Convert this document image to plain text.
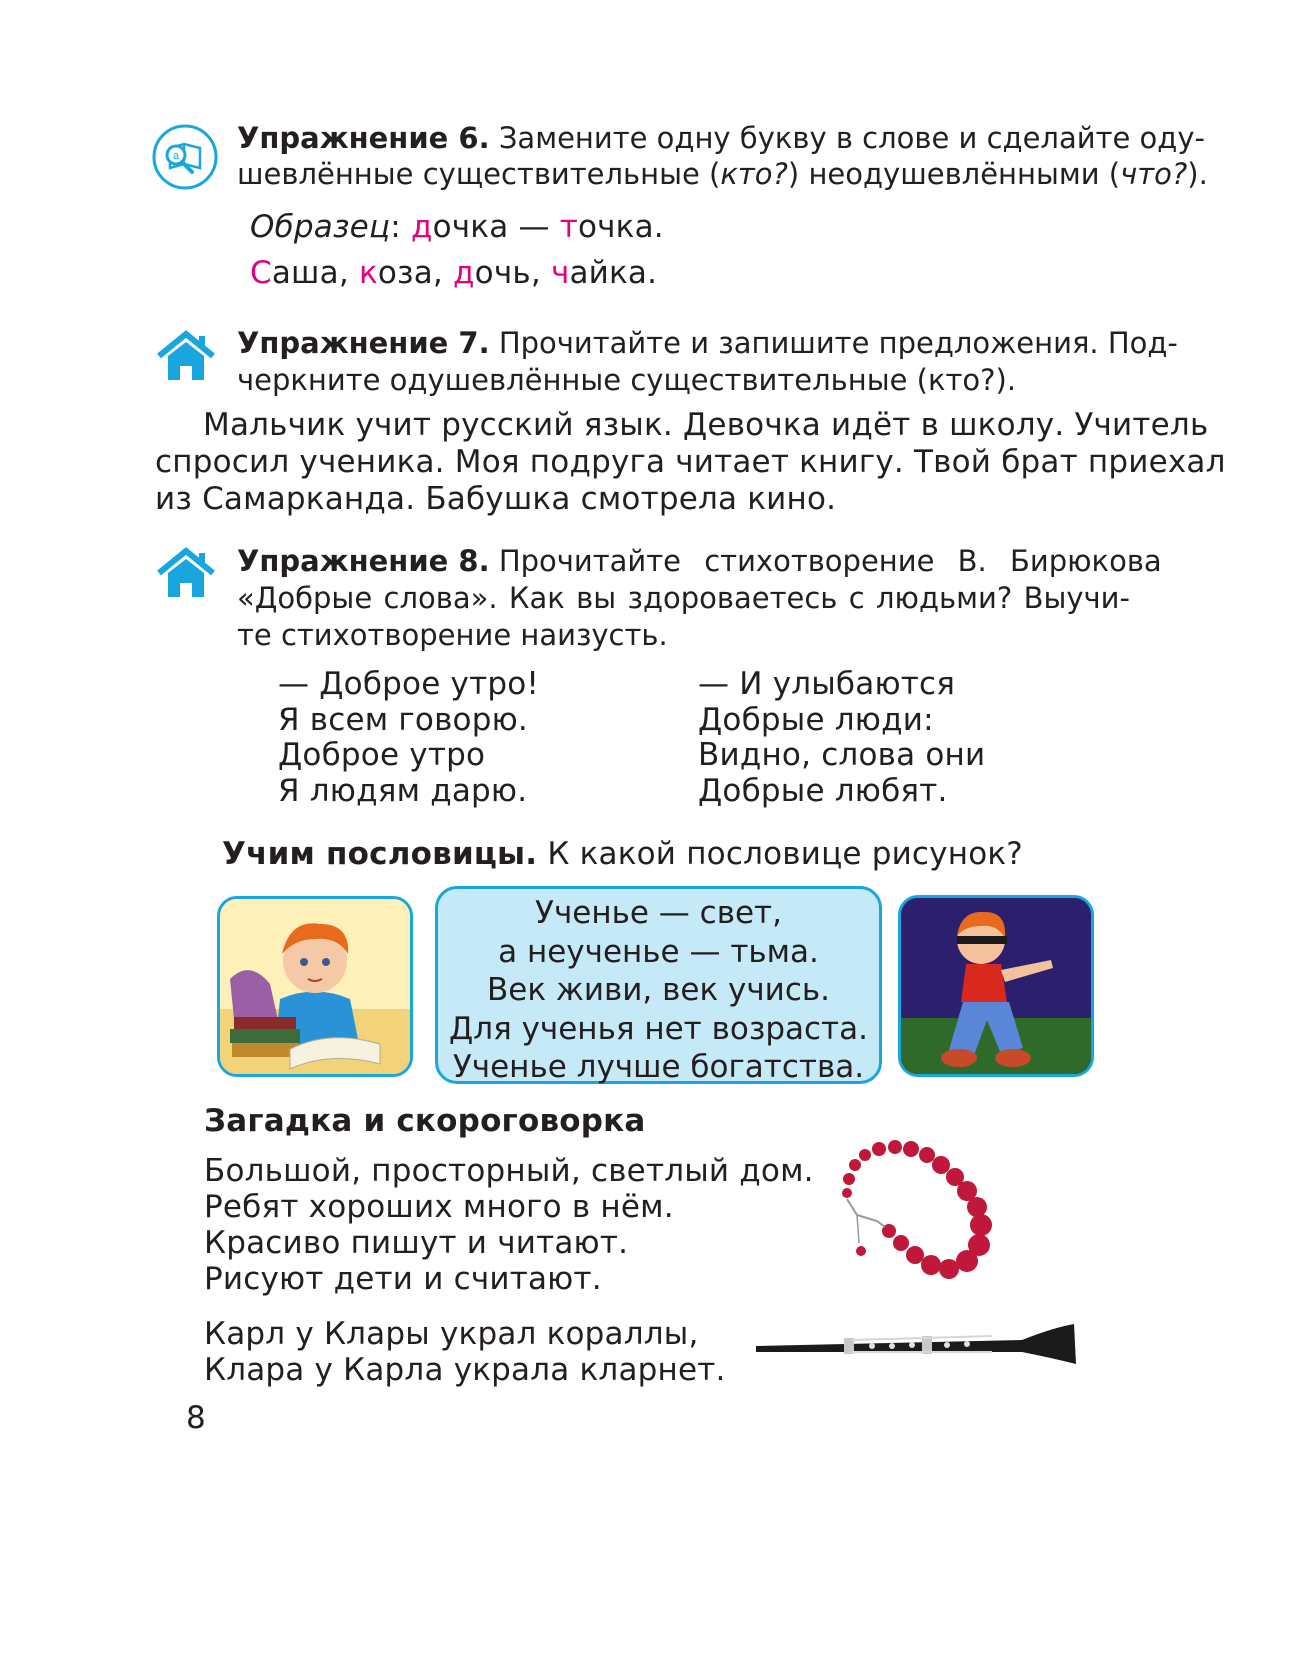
a
Упражнение 6. Замените одну букву в слове и сделайте оду-
шевлённые существительные (кто?) неодушевлёнными (что?).
Образец: дочка — точка.
Саша, коза, дочь, чайка.
Упражнение 7. Прочитайте и запишите предложения. Под-
черкните одушевлённые существительные (кто?).
Мальчик учит русский язык. Девочка идёт в школу. Учитель
спросил ученика. Моя подруга читает книгу. Твой брат приехал
из Самарканда. Бабушка смотрела кино.
Упражнение 8. Прочитайте стихотворение В. Бирюкова
«Добрые слова». Как вы здороваетесь с людьми? Выучи-
те стихотворение наизусть.
— Доброе утро!
Я всем говорю.
Доброе утро
Я людям дарю.
— И улыбаются
Добрые люди:
Видно, слова они
Добрые любят.
Учим пословицы. К какой пословице рисунок?
Ученье — свет,
а неученье — тьма.
Век живи, век учись.
Для ученья нет возраста.
Ученье лучше богатства.
Загадка и скороговорка
Большой, просторный, светлый дом.
Ребят хороших много в нём.
Красиво пишут и читают.
Рисуют дети и считают.
Карл у Клары украл кораллы,
Клара у Карла украла кларнет.
8
